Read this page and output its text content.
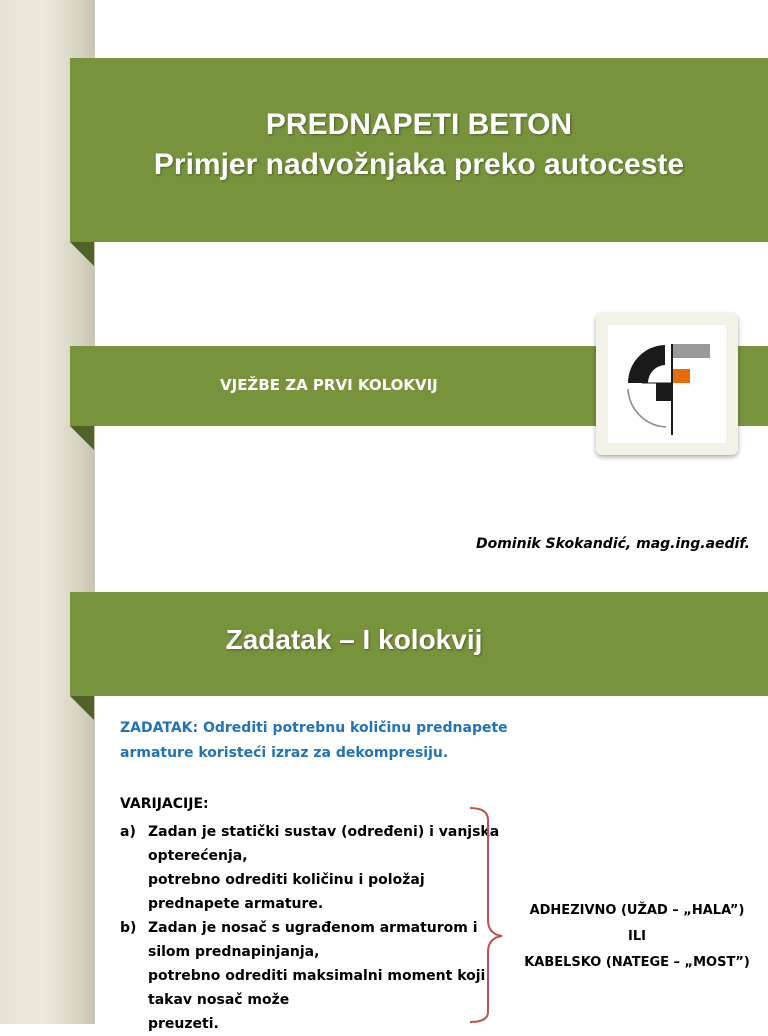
PREDNAPETI BETON
Primjer nadvožnjaka preko autoceste
VJEŽBE ZA PRVI KOLOKVIJ
Dominik Skokandić, mag.ing.aedif.
Zadatak – I kolokvij
ZADATAK: Odrediti potrebnu količinu prednapete
armature koristeći izraz za dekompresiju.
VARIJACIJE:
a) Zadan je statički sustav (određeni) i vanjska
opterećenja,
potrebno odrediti količinu i položaj
prednapete armature.
b) Zadan je nosač s ugrađenom armaturom i
silom prednapinjanja,
potrebno odrediti maksimalni moment koji
takav nosač može
preuzeti.
ADHEZIVNO (UŽAD – „HALA”)
ILI
KABELSKO (NATEGE – „MOST”)
